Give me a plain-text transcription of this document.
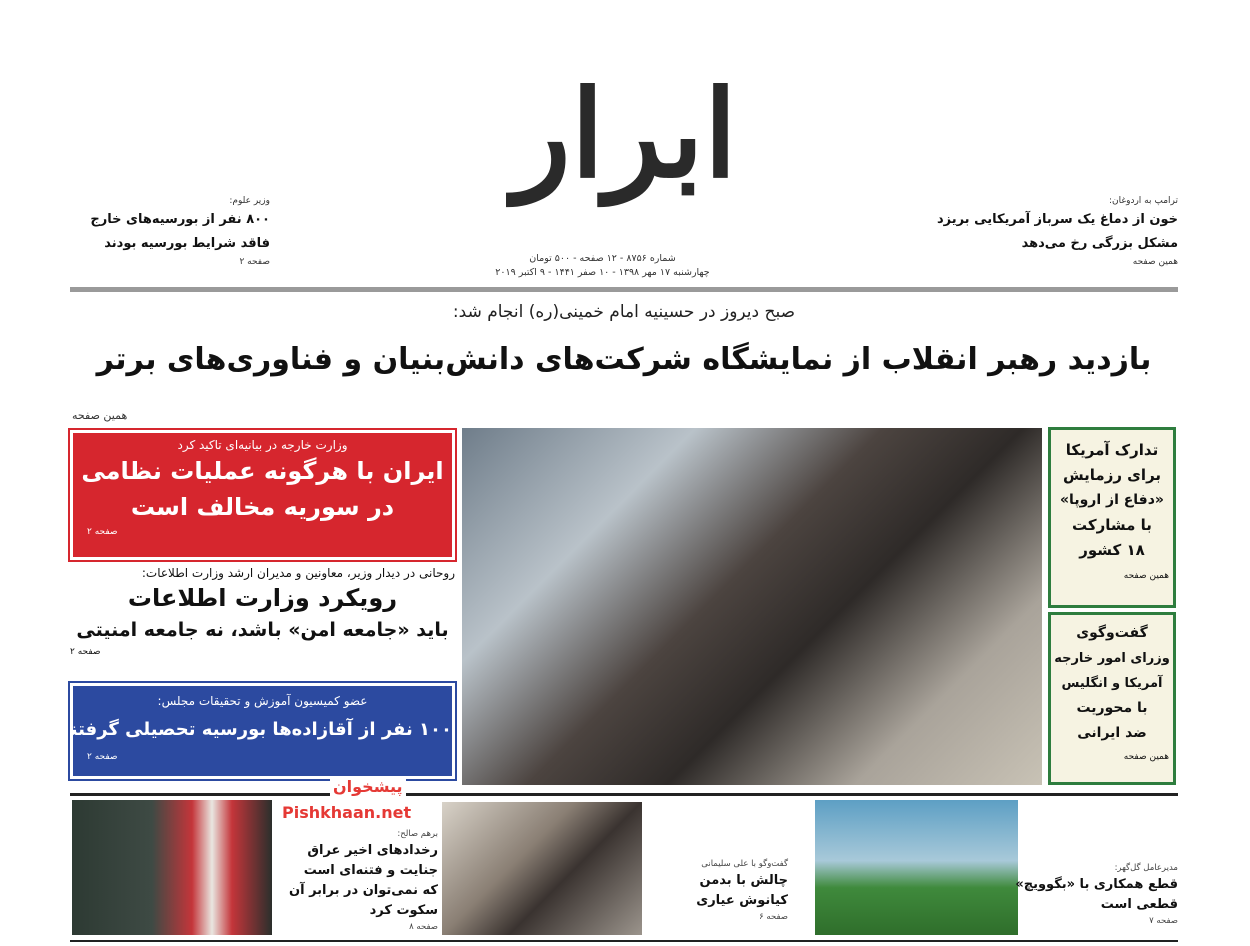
ابرار
شماره ۸۷۵۶ - ۱۲ صفحه - ۵۰۰ تومان
چهارشنبه ۱۷ مهر ۱۳۹۸ - ۱۰ صفر ۱۴۴۱ - ۹ اکتبر ۲۰۱۹
ترامپ به اردوغان:
خون از دماغ یک سرباز آمریکایی بریزد
مشکل بزرگی رخ می‌دهد
همین صفحه
وزیر علوم:
۸۰۰ نفر از بورسیه‌های خارج
فاقد شرایط بورسیه بودند
صفحه ۲
صبح دیروز در حسینیه امام خمینی(ره) انجام شد:
بازدید رهبر انقلاب از نمایشگاه شرکت‌های دانش‌بنیان و فناوری‌های برتر
همین صفحه
وزارت خارجه در بیانیه‌ای تاکید کرد
ایران با هرگونه عملیات نظامی
در سوریه مخالف است
صفحه ۲
روحانی در دیدار وزیر، معاونین و مدیران ارشد وزارت اطلاعات:
رویکرد وزارت اطلاعات
باید «جامعه امن» باشد، نه جامعه امنیتی
صفحه ۲
عضو کمیسیون آموزش و تحقیقات مجلس:
۱۰۰ نفر از آقازاده‌ها بورسیه تحصیلی گرفتند
صفحه ۲
تدارک آمریکا
برای رزمایش
«دفاع از اروپا»
با مشارکت
۱۸ کشور
همین صفحه
گفت‌وگوی
وزرای امور خارجه
آمریکا و انگلیس
با محوریت
ضد ایرانی
همین صفحه
برهم صالح:
رخدادهای اخیر عراق
جنایت و فتنه‌ای است
که نمی‌توان در برابر آن
سکوت کرد
صفحه ۸
گفت‌وگو با علی سلیمانی
چالش با بدمن
کیانوش عیاری
صفحه ۶
مدیرعامل گل‌گهر:
قطع همکاری با «بگوویچ»
قطعی است
صفحه ۷
پیشخوان
Pishkhaan.net
